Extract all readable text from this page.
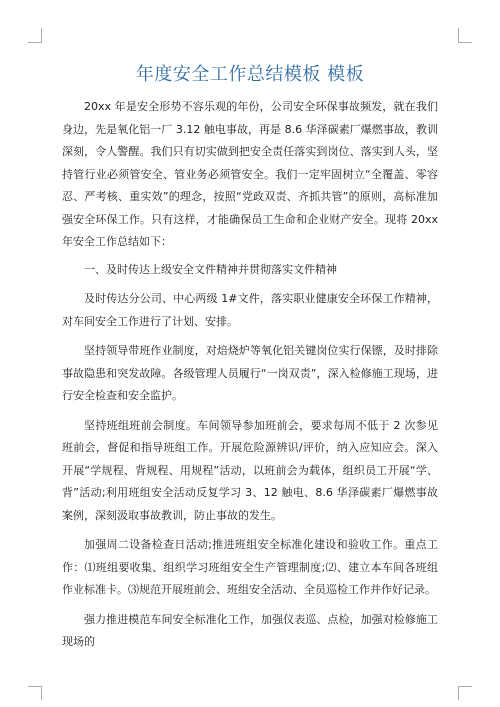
年度安全工作总结模板 模板

20xx 年是安全形势不容乐观的年份，公司安全环保事故频发，就在我们身边，先是氧化铝一厂 3.12 触电事故，再是 8.6 华泽碳素厂爆燃事故，教训深刻，令人警醒。我们只有切实做到把安全责任落实到岗位、落实到人头，坚持管行业必须管安全、管业务必须管安全。我们一定牢固树立“全覆盖、零容忍、严考核、重实效”的理念，按照“党政双责、齐抓共管”的原则，高标准加强安全环保工作。只有这样，才能确保员工生命和企业财产安全。现将 20xx 年安全工作总结如下：

一、及时传达上级安全文件精神并贯彻落实文件精神

及时传达分公司、中心两级 1#文件，落实职业健康安全环保工作精神，对车间安全工作进行了计划、安排。

坚持领导带班作业制度，对焙烧炉等氧化铝关键岗位实行保镖，及时排除事故隐患和突发故障。各级管理人员履行“一岗双责”，深入检修施工现场，进行安全检查和安全监护。

坚持班组班前会制度。车间领导参加班前会，要求每周不低于 2 次参见班前会，督促和指导班组工作。开展危险源辨识/评价，纳入应知应会。深入开展“学规程、背规程、用规程”活动，以班前会为载体，组织员工开展“学、背”活动;利用班组安全活动反复学习 3、12 触电、8.6 华泽碳素厂爆燃事故案例，深刻汲取事故教训，防止事故的发生。

加强周二设备检查日活动;推进班组安全标准化建设和验收工作。重点工作：⑴班组要收集、组织学习班组安全生产管理制度;⑵、建立本车间各班组作业标准卡。⑶规范开展班前会、班组安全活动、全员巡检工作并作好记录。

强力推进模范车间安全标准化工作，加强仪表巡、点检，加强对检修施工现场的
